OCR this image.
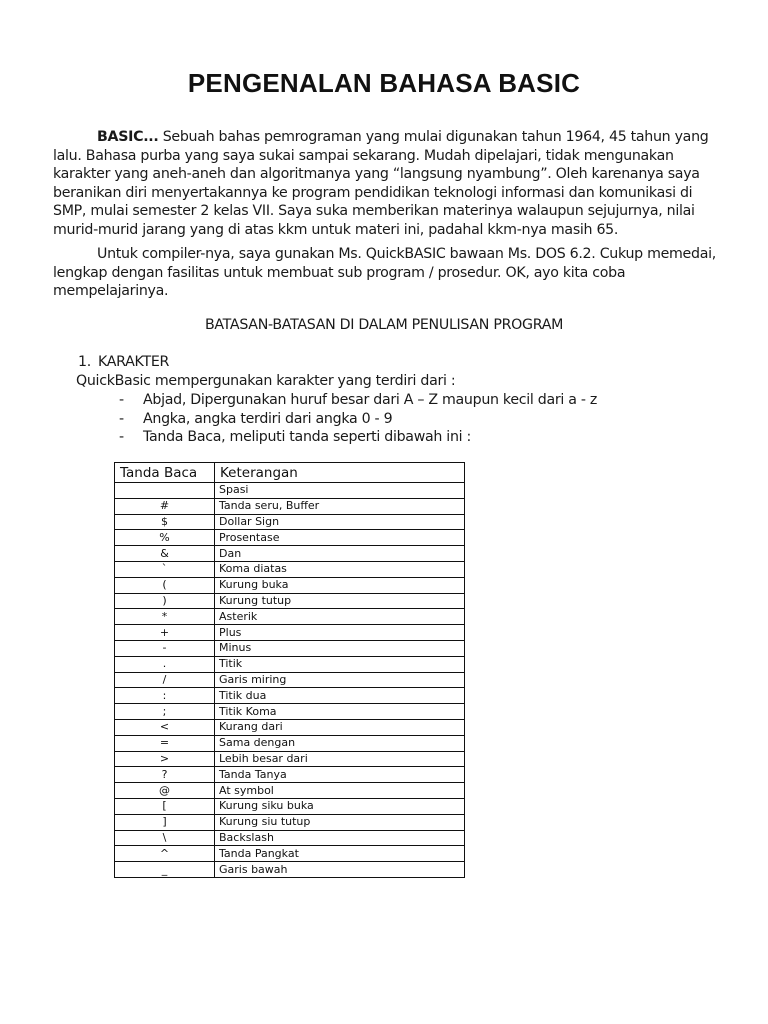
PENGENALAN BAHASA BASIC

BASIC... Sebuah bahas pemrograman yang mulai digunakan tahun 1964, 45 tahun yang lalu. Bahasa purba yang saya sukai sampai sekarang. Mudah dipelajari, tidak mengunakan karakter yang aneh-aneh dan algoritmanya yang “langsung nyambung”. Oleh karenanya saya beranikan diri menyertakannya ke program pendidikan teknologi informasi dan komunikasi di SMP, mulai semester 2 kelas VII. Saya suka memberikan materinya walaupun sejujurnya, nilai murid-murid jarang yang di atas kkm untuk materi ini, padahal kkm-nya masih 65.

Untuk compiler-nya, saya gunakan Ms. QuickBASIC bawaan Ms. DOS 6.2. Cukup memedai, lengkap dengan fasilitas untuk membuat sub program / prosedur. OK, ayo kita coba mempelajarinya.

BATASAN-BATASAN DI DALAM PENULISAN PROGRAM
1. KARAKTER
QuickBasic mempergunakan karakter yang terdiri dari :
- Abjad, Dipergunakan huruf besar dari A – Z maupun kecil dari a - z
- Angka, angka terdiri dari angka 0 - 9
- Tanda Baca, meliputi tanda seperti dibawah ini :
Tanda Baca	Keterangan
	Spasi
#	Tanda seru, Buffer
$	Dollar Sign
%	Prosentase
&	Dan
`	Koma diatas
(	Kurung buka
)	Kurung tutup
*	Asterik
+	Plus
-	Minus
.	Titik
/	Garis miring
:	Titik dua
;	Titik Koma
<	Kurang dari
=	Sama dengan
>	Lebih besar dari
?	Tanda Tanya
@	At symbol
[	Kurung siku buka
]	Kurung siu tutup
\	Backslash
^	Tanda Pangkat
_	Garis bawah
